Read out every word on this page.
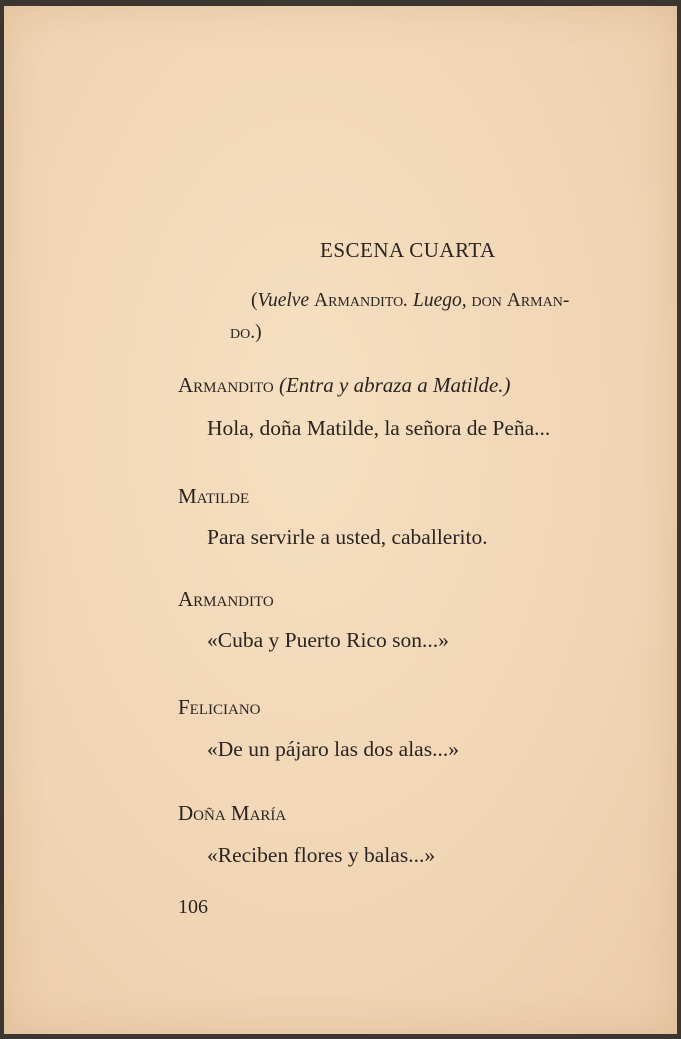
ESCENA CUARTA
(Vuelve Armandito. Luego, don Arman-
do.)
Armandito (Entra y abraza a Matilde.)
Hola, doña Matilde, la señora de Peña...
Matilde
Para servirle a usted, caballerito.
Armandito
«Cuba y Puerto Rico son...»
Feliciano
«De un pájaro las dos alas...»
Doña María
«Reciben flores y balas...»
106
